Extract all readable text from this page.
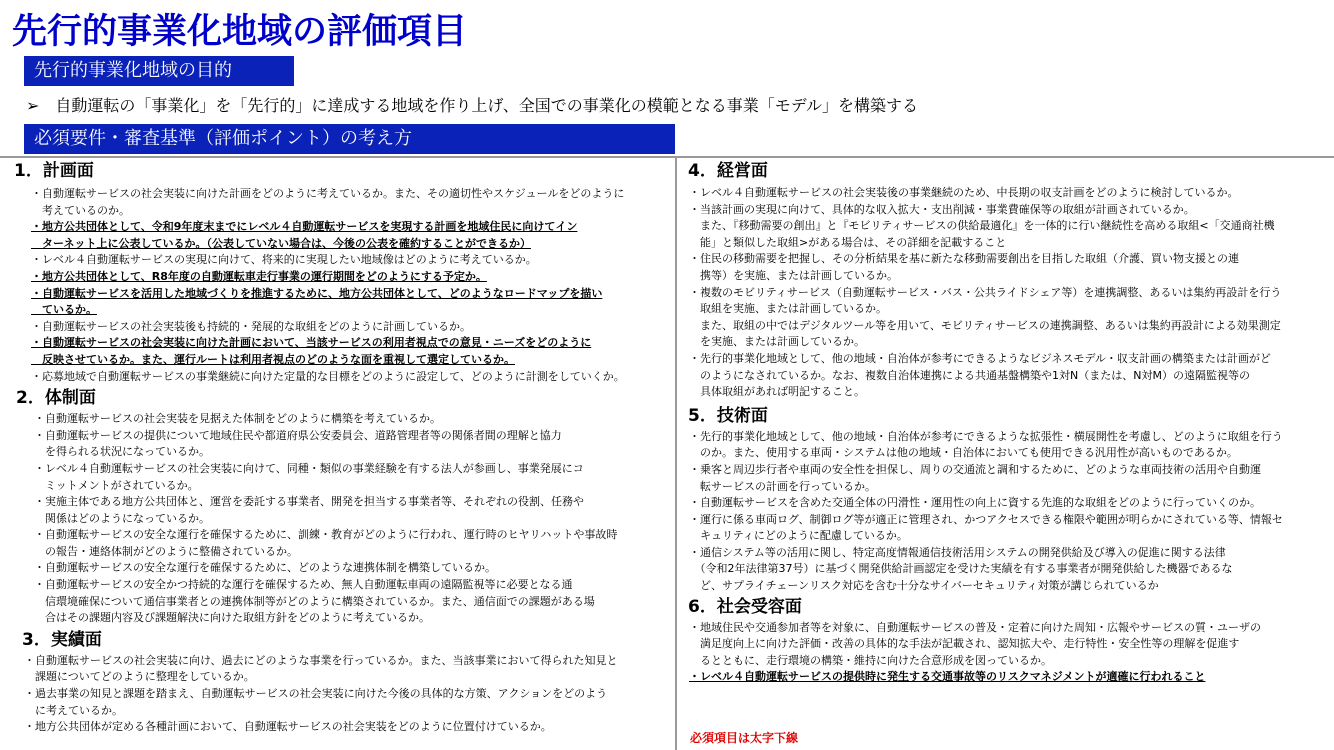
先行的事業化地域の評価項目
先行的事業化地域の目的
➢ 自動運転の「事業化」を「先行的」に達成する地域を作り上げ、全国での事業化の模範となる事業「モデル」を構築する
必須要件・審査基準（評価ポイント）の考え方
1．計画面
・自動運転サービスの社会実装に向けた計画をどのように考えているか。また、その適切性やスケジュールをどのように
　考えているのか。
・地方公共団体として、令和9年度末までにレベル４自動運転サービスを実現する計画を地域住民に向けてイン
　ターネット上に公表しているか。（公表していない場合は、今後の公表を確約することができるか）
・レベル４自動運転サービスの実現に向けて、将来的に実現したい地域像はどのように考えているか。
・地方公共団体として、R8年度の自動運転車走行事業の運行期間をどのようにする予定か。
・自動運転サービスを活用した地域づくりを推進するために、地方公共団体として、どのようなロードマップを描い
　ているか。
・自動運転サービスの社会実装後も持続的・発展的な取組をどのように計画しているか。
・自動運転サービスの社会実装に向けた計画において、当該サービスの利用者視点での意見・ニーズをどのように
　反映させているか。また、運行ルートは利用者視点のどのような面を重視して選定しているか。
・応募地域で自動運転サービスの事業継続に向けた定量的な目標をどのように設定して、どのように計測をしていくか。
2．体制面
・自動運転サービスの社会実装を見据えた体制をどのように構築を考えているか。
・自動運転サービスの提供について地域住民や都道府県公安委員会、道路管理者等の関係者間の理解と協力
　を得られる状況になっているか。
・レベル４自動運転サービスの社会実装に向けて、同種・類似の事業経験を有する法人が参画し、事業発展にコ
　ミットメントがされているか。
・実施主体である地方公共団体と、運営を委託する事業者、開発を担当する事業者等、それぞれの役割、任務や
　関係はどのようになっているか。
・自動運転サービスの安全な運行を確保するために、訓練・教育がどのように行われ、運行時のヒヤリハットや事故時
　の報告・連絡体制がどのように整備されているか。
・自動運転サービスの安全な運行を確保するために、どのような連携体制を構築しているか。
・自動運転サービスの安全かつ持続的な運行を確保するため、無人自動運転車両の遠隔監視等に必要となる通
　信環境確保について通信事業者との連携体制等がどのように構築されているか。また、通信面での課題がある場
　合はその課題内容及び課題解決に向けた取組方針をどのように考えているか。
3．実績面
・自動運転サービスの社会実装に向け、過去にどのような事業を行っているか。また、当該事業において得られた知見と
　課題についてどのように整理をしているか。
・過去事業の知見と課題を踏まえ、自動運転サービスの社会実装に向けた今後の具体的な方策、アクションをどのよう
　に考えているか。
・地方公共団体が定める各種計画において、自動運転サービスの社会実装をどのように位置付けているか。
4．経営面
・レベル４自動運転サービスの社会実装後の事業継続のため、中長期の収支計画をどのように検討しているか。
・当該計画の実現に向けて、具体的な収入拡大・支出削減・事業費確保等の取組が計画されているか。
　また、『移動需要の創出』と『モビリティサービスの供給最適化』を一体的に行い継続性を高める取組<「交通商社機
　能」と類似した取組>がある場合は、その詳細を記載すること
・住民の移動需要を把握し、その分析結果を基に新たな移動需要創出を目指した取組（介護、買い物支援との連
　携等）を実施、または計画しているか。
・複数のモビリティサービス（自動運転サービス・バス・公共ライドシェア等）を連携調整、あるいは集約再設計を行う
　取組を実施、または計画しているか。
　また、取組の中ではデジタルツール等を用いて、モビリティサービスの連携調整、あるいは集約再設計による効果測定
　を実施、または計画しているか。
・先行的事業化地域として、他の地域・自治体が参考にできるようなビジネスモデル・収支計画の構築または計画がど
　のようになされているか。なお、複数自治体連携による共通基盤構築や1対N（または、N対M）の遠隔監視等の
　具体取組があれば明記すること。
5．技術面
・先行的事業化地域として、他の地域・自治体が参考にできるような拡張性・横展開性を考慮し、どのように取組を行う
　のか。また、使用する車両・システムは他の地域・自治体においても使用できる汎用性が高いものであるか。
・乗客と周辺歩行者や車両の安全性を担保し、周りの交通流と調和するために、どのような車両技術の活用や自動運
　転サービスの計画を行っているか。
・自動運転サービスを含めた交通全体の円滑性・運用性の向上に資する先進的な取組をどのように行っていくのか。
・運行に係る車両ログ、制御ログ等が適正に管理され、かつアクセスできる権限や範囲が明らかにされている等、情報セ
　キュリティにどのように配慮しているか。
・通信システム等の活用に関し、特定高度情報通信技術活用システムの開発供給及び導入の促進に関する法律
　（令和2年法律第37号）に基づく開発供給計画認定を受けた実績を有する事業者が開発供給した機器であるな
　ど、サプライチェーンリスク対応を含む十分なサイバーセキュリティ対策が講じられているか
6．社会受容面
・地域住民や交通参加者等を対象に、自動運転サービスの普及・定着に向けた周知・広報やサービスの質・ユーザの
　満足度向上に向けた評価・改善の具体的な手法が記載され、認知拡大や、走行特性・安全性等の理解を促進す
　るとともに、走行環境の構築・維持に向けた合意形成を図っているか。
・レベル４自動運転サービスの提供時に発生する交通事故等のリスクマネジメントが適確に行われること
必須項目は太字下線
